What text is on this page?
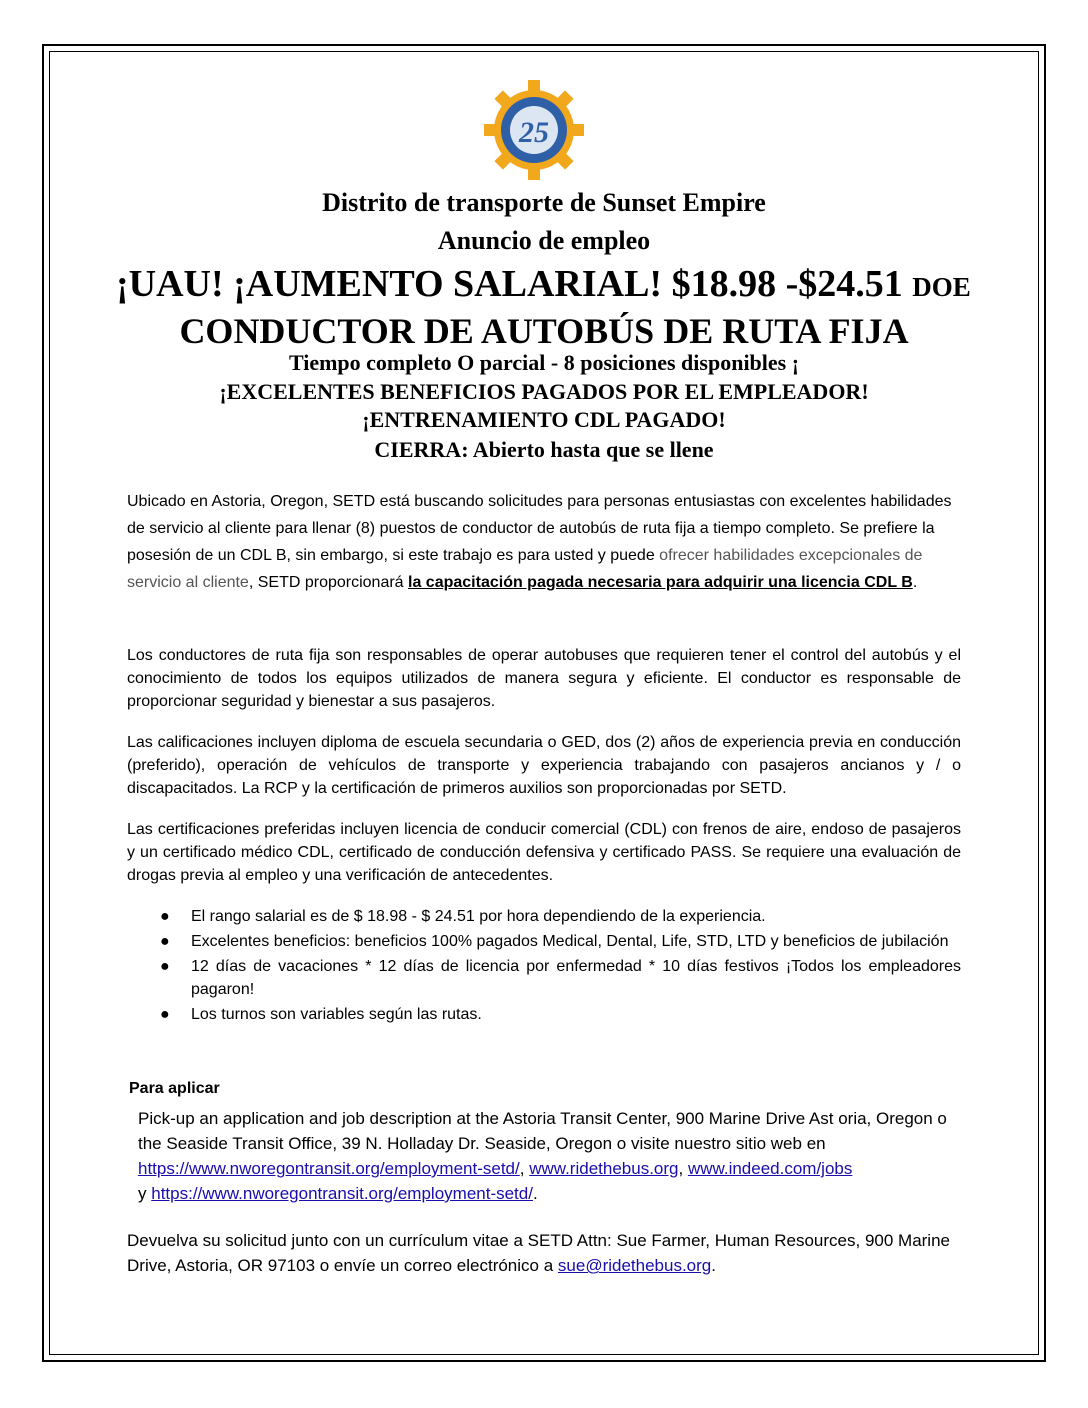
25
Distrito de transporte de Sunset Empire
Anuncio de empleo
¡UAU! ¡AUMENTO SALARIAL! $18.98 -$24.51 DOE
CONDUCTOR DE AUTOBÚS DE RUTA FIJA
Tiempo completo O parcial - 8 posiciones disponibles ¡
¡EXCELENTES BENEFICIOS PAGADOS POR EL EMPLEADOR!
¡ENTRENAMIENTO CDL PAGADO!
CIERRA: Abierto hasta que se llene
Ubicado en Astoria, Oregon, SETD está buscando solicitudes para personas entusiastas con excelentes habilidades de servicio al cliente para llenar (8) puestos de conductor de autobús de ruta fija a tiempo completo. Se prefiere la posesión de un CDL B, sin embargo, si este trabajo es para usted y puede ofrecer habilidades excepcionales de servicio al cliente, SETD proporcionará la capacitación pagada necesaria para adquirir una licencia CDL B.
Los conductores de ruta fija son responsables de operar autobuses que requieren tener el control del autobús y el conocimiento de todos los equipos utilizados de manera segura y eficiente. El conductor es responsable de proporcionar seguridad y bienestar a sus pasajeros.
Las calificaciones incluyen diploma de escuela secundaria o GED, dos (2) años de experiencia previa en conducción (preferido), operación de vehículos de transporte y experiencia trabajando con pasajeros ancianos y / o discapacitados. La RCP y la certificación de primeros auxilios son proporcionadas por SETD.
Las certificaciones preferidas incluyen licencia de conducir comercial (CDL) con frenos de aire, endoso de pasajeros y un certificado médico CDL, certificado de conducción defensiva y certificado PASS. Se requiere una evaluación de drogas previa al empleo y una verificación de antecedentes.
● El rango salarial es de $ 18.98 - $ 24.51 por hora dependiendo de la experiencia.
● Excelentes beneficios: beneficios 100% pagados Medical, Dental, Life, STD, LTD y beneficios de jubilación
● 12 días de vacaciones * 12 días de licencia por enfermedad * 10 días festivos ¡Todos los empleadores pagaron!
● Los turnos son variables según las rutas.
Para aplicar
Pick-up an application and job description at the Astoria Transit Center, 900 Marine Drive Ast oria, Oregon o the Seaside Transit Office, 39 N. Holladay Dr. Seaside, Oregon o visite nuestro sitio web en https://www.nworegontransit.org/employment-setd/, www.ridethebus.org, www.indeed.com/jobs
y https://www.nworegontransit.org/employment-setd/.
Devuelva su solicitud junto con un currículum vitae a SETD Attn: Sue Farmer, Human Resources, 900 Marine Drive, Astoria, OR 97103 o envíe un correo electrónico a sue@ridethebus.org.
